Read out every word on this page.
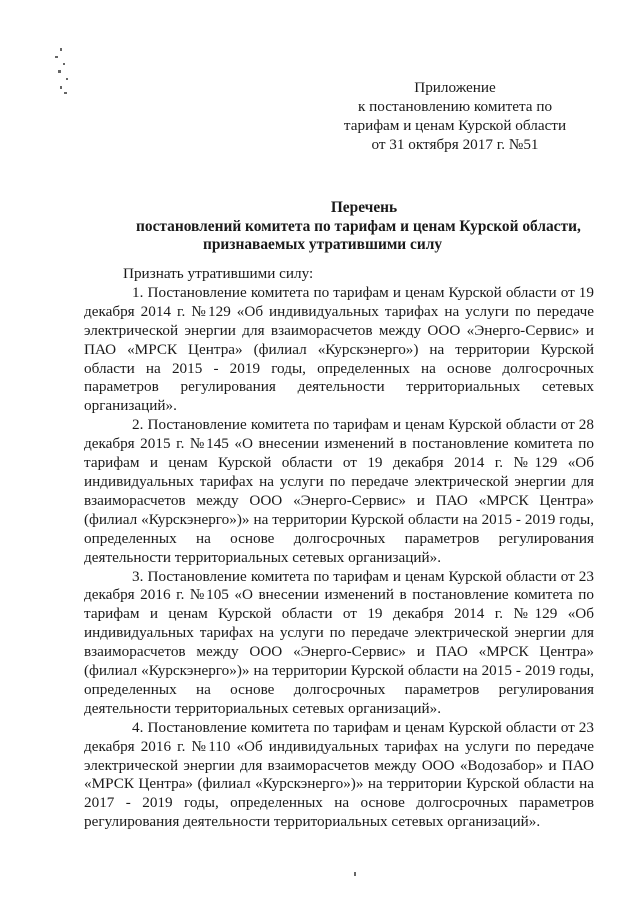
Приложение
к постановлению комитета по
тарифам и ценам Курской области
от 31 октября 2017 г. №51
Перечень
постановлений комитета по тарифам и ценам Курской области,
признаваемых утратившими силу
Признать утратившими силу:

1. Постановление комитета по тарифам и ценам Курской области от 19 декабря 2014 г. №129 «Об индивидуальных тарифах на услуги по передаче электрической энергии для взаиморасчетов между ООО «Энерго-Сервис» и ПАО «МРСК Центра» (филиал «Курскэнерго») на территории Курской области на 2015 - 2019 годы, определенных на основе долгосрочных параметров регулирования деятельности территориальных сетевых организаций».

2. Постановление комитета по тарифам и ценам Курской области от 28 декабря 2015 г. №145 «О внесении изменений в постановление комитета по тарифам и ценам Курской области от 19 декабря 2014 г. №129 «Об индивидуальных тарифах на услуги по передаче электрической энергии для взаиморасчетов между ООО «Энерго-Сервис» и ПАО «МРСК Центра» (филиал «Курскэнерго»)» на территории Курской области на 2015 - 2019 годы, определенных на основе долгосрочных параметров регулирования деятельности территориальных сетевых организаций».

3. Постановление комитета по тарифам и ценам Курской области от 23 декабря 2016 г. №105 «О внесении изменений в постановление комитета по тарифам и ценам Курской области от 19 декабря 2014 г. №129 «Об индивидуальных тарифах на услуги по передаче электрической энергии для взаиморасчетов между ООО «Энерго-Сервис» и ПАО «МРСК Центра» (филиал «Курскэнерго»)» на территории Курской области на 2015 - 2019 годы, определенных на основе долгосрочных параметров регулирования деятельности территориальных сетевых организаций».

4. Постановление комитета по тарифам и ценам Курской области от 23 декабря 2016 г. №110 «Об индивидуальных тарифах на услуги по передаче электрической энергии для взаиморасчетов между ООО «Водозабор» и ПАО «МРСК Центра» (филиал «Курскэнерго»)» на территории Курской области на 2017 - 2019 годы, определенных на основе долгосрочных параметров регулирования деятельности территориальных сетевых организаций».
